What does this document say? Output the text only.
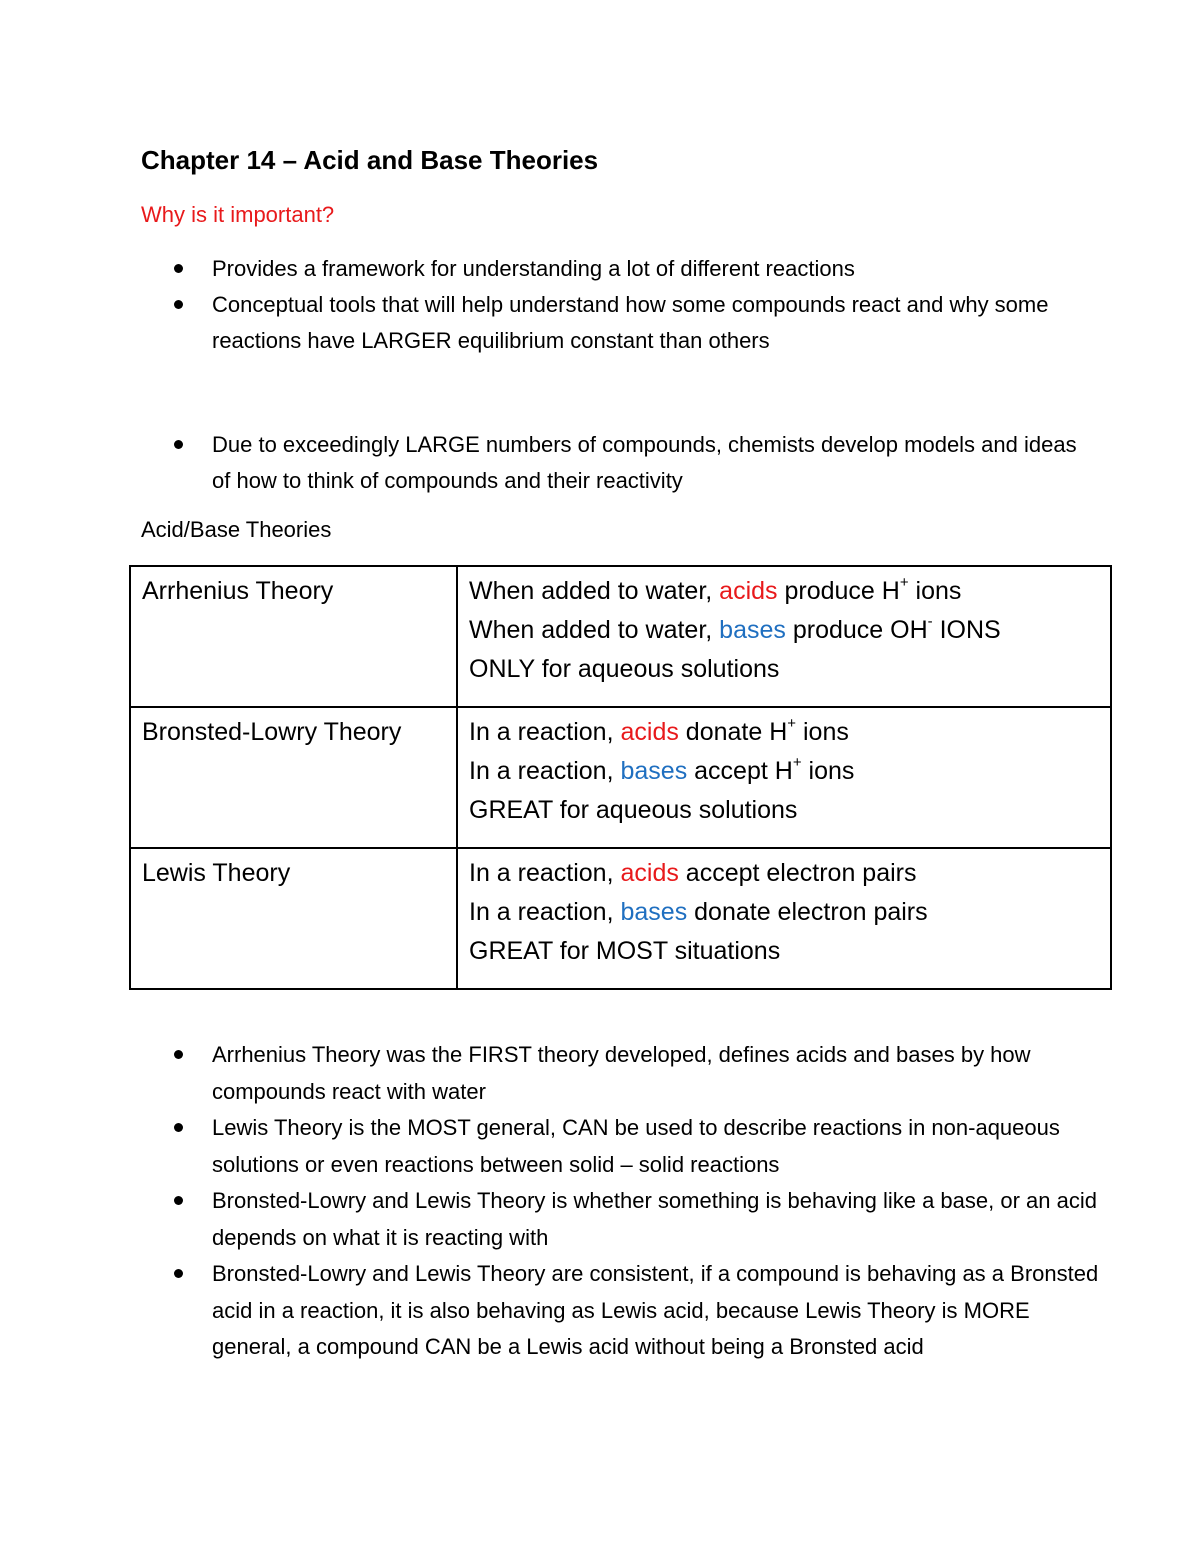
Chapter 14 – Acid and Base Theories
Why is it important?
Provides a framework for understanding a lot of different reactions
Conceptual tools that will help understand how some compounds react and why some reactions have LARGER equilibrium constant than others
Due to exceedingly LARGE numbers of compounds, chemists develop models and ideas of how to think of compounds and their reactivity
Acid/Base Theories
Arrhenius Theory	When added to water, acids produce H+ ions
When added to water, bases produce OH- IONS
ONLY for aqueous solutions

Bronsted-Lowry Theory	In a reaction, acids donate H+ ions
In a reaction, bases accept H+ ions
GREAT for aqueous solutions

Lewis Theory	In a reaction, acids accept electron pairs
In a reaction, bases donate electron pairs
GREAT for MOST situations
Arrhenius Theory was the FIRST theory developed, defines acids and bases by how compounds react with water
Lewis Theory is the MOST general, CAN be used to describe reactions in non-aqueous solutions or even reactions between solid – solid reactions
Bronsted-Lowry and Lewis Theory is whether something is behaving like a base, or an acid depends on what it is reacting with
Bronsted-Lowry and Lewis Theory are consistent, if a compound is behaving as a Bronsted acid in a reaction, it is also behaving as Lewis acid, because Lewis Theory is MORE general, a compound CAN be a Lewis acid without being a Bronsted acid
